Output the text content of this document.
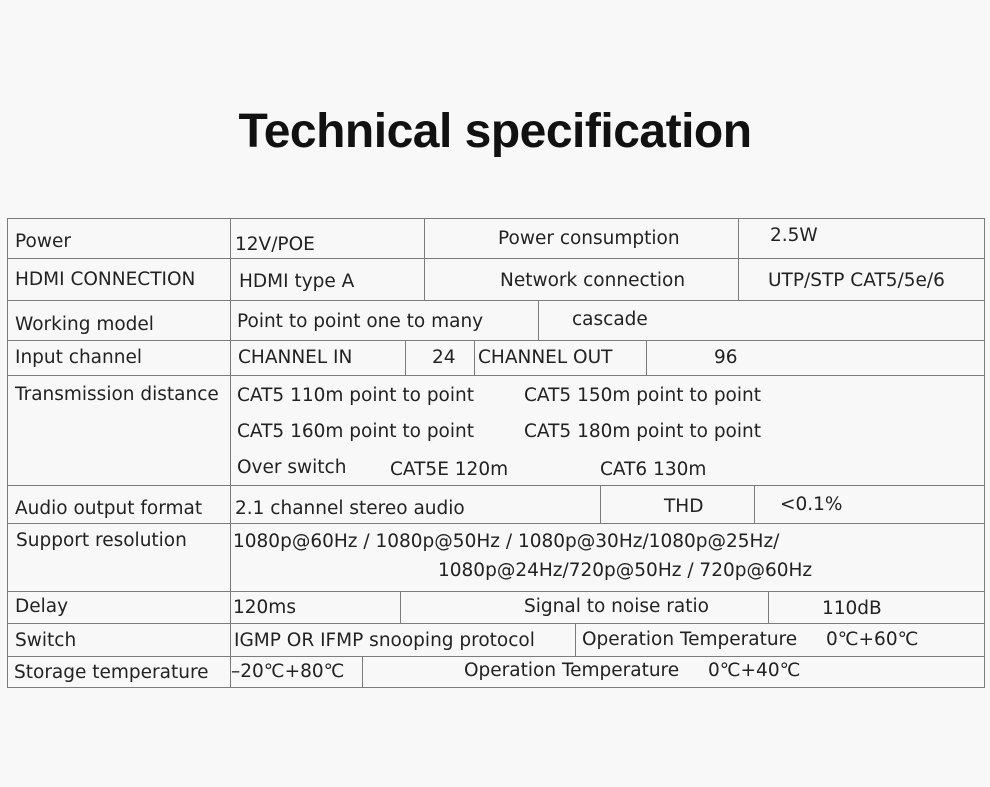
Technical specification
Power	12V/POE	Power consumption	2.5W
HDMI CONNECTION HDMI type A	Network connection	UTP/STP CAT5/5e/6
Working model	Point to point one to many	cascade
Input channel	CHANNEL IN	24 CHANNEL OUT	96
Transmission distance CAT5 110m point to point	CAT5 150m point to point
CAT5 160m point to point	CAT5 180m point to point
Over switch CAT5E 120m	CAT6 130m
Audio output format 2.1 channel stereo audio	THD	<0.1%
Support resolution 1080p@60Hz / 1080p@50Hz / 1080p@30Hz/1080p@25Hz/
1080p@24Hz/720p@50Hz / 720p@60Hz
Delay	120ms	Signal to noise ratio	110dB
Switch	IGMP OR IFMP snooping protocol	Operation Temperature 0℃+60℃
Storage temperature –20℃+80℃	Operation Temperature 0℃+40℃
